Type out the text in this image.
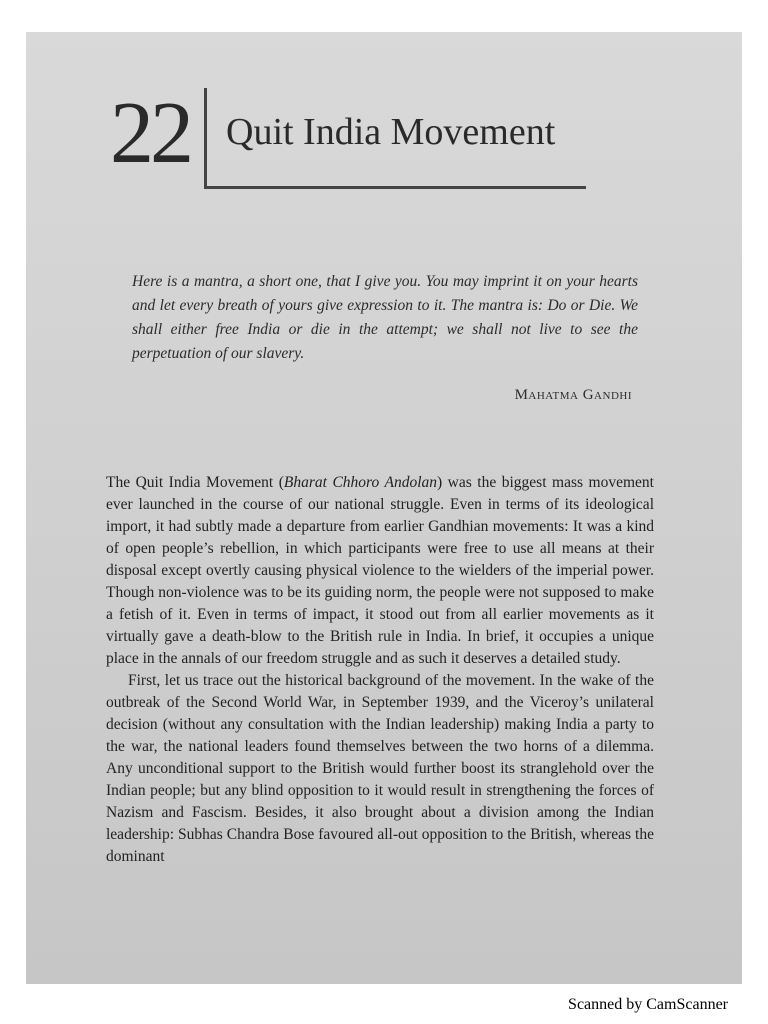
22 Quit India Movement
Here is a mantra, a short one, that I give you. You may imprint it on your hearts and let every breath of yours give expression to it. The mantra is: Do or Die. We shall either free India or die in the attempt; we shall not live to see the perpetuation of our slavery.
Mahatma Gandhi

The Quit India Movement (Bharat Chhoro Andolan) was the biggest mass movement ever launched in the course of our national struggle. Even in terms of its ideological import, it had subtly made a departure from earlier Gandhian movements: It was a kind of open people’s rebellion, in which participants were free to use all means at their disposal except overtly causing physical violence to the wielders of the imperial power. Though non-violence was to be its guiding norm, the people were not supposed to make a fetish of it. Even in terms of impact, it stood out from all earlier movements as it virtually gave a death-blow to the British rule in India. In brief, it occupies a unique place in the annals of our freedom struggle and as such it deserves a detailed study.

First, let us trace out the historical background of the movement. In the wake of the outbreak of the Second World War, in September 1939, and the Viceroy’s unilateral decision (without any consultation with the Indian leadership) making India a party to the war, the national leaders found themselves between the two horns of a dilemma. Any unconditional support to the British would further boost its stranglehold over the Indian people; but any blind opposition to it would result in strengthening the forces of Nazism and Fascism. Besides, it also brought about a division among the Indian leadership: Subhas Chandra Bose favoured all-out opposition to the British, whereas the dominant

Scanned by CamScanner
